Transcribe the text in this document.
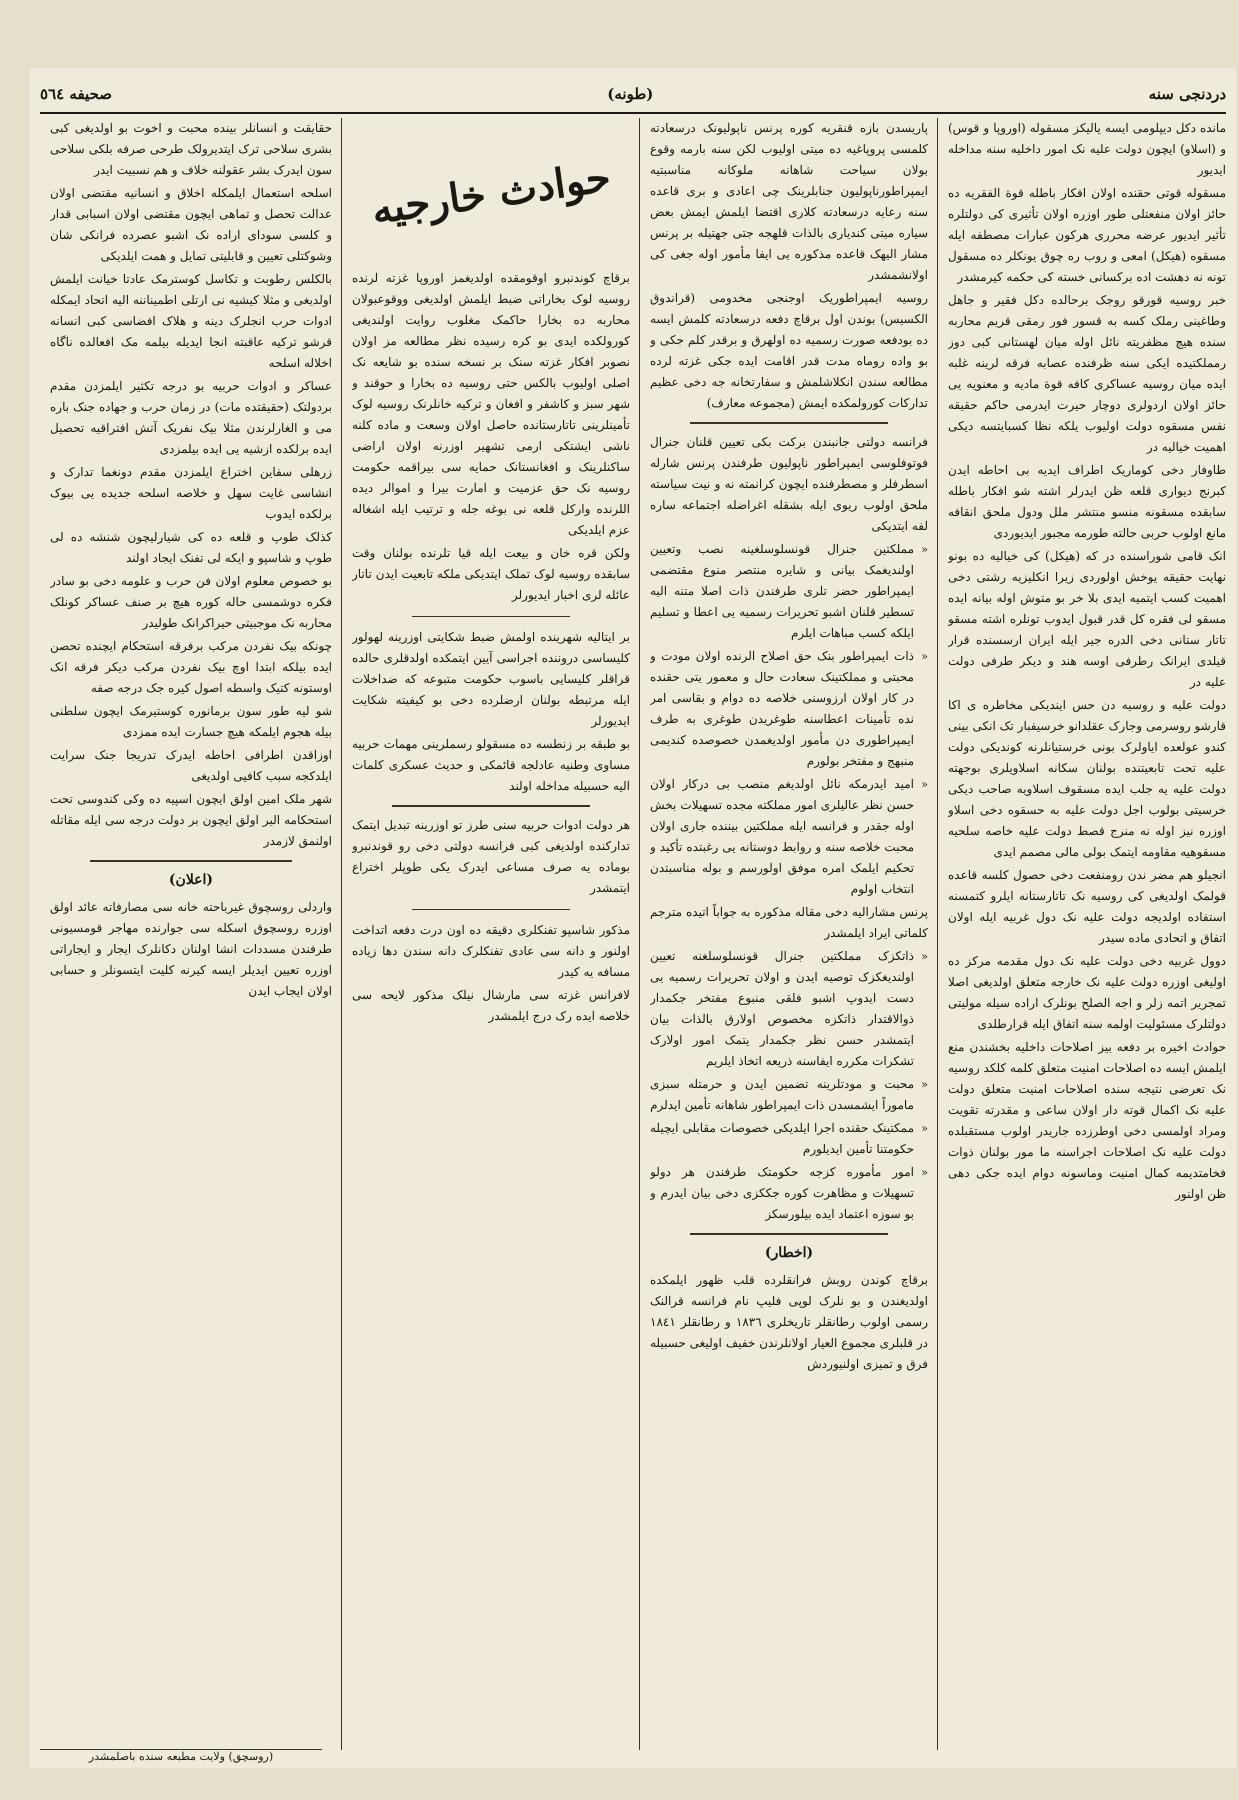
دردنجی سنه
(طونه)
صحیفه ٥٦٤

مانده دکل دیپلومی ایسه یالیکز مسقوله (اوروپا و قوس) و (اسلاو) ایچون دولت علیه نک امور داخلیه سنه مداخله ایدیور

مسقوله قوتی حقنده اولان افکار باطله قوة الفقریه ده حائز اولان منفعتلی طور اوزره اولان تأثیری کی دولتلره تأثیر ایدیور عرضه محرری هرکون عبارات مصطفه ایله مسقوه (هیکل) امعی و روب ره چوق یونکلر ده مسقول تونه نه دهشت اده برکسانی خسته کی حکمه کیرمشدر

خبر روسیه قورقو روجک برحالده دکل فقیر و جاهل وطاغینی رملک کسه به قسور فور رمقی قریم محاربه سنده هیچ مظفریته نائل اوله میان لهستانی کبی دوز رمملکتیده ایکی سنه ظرفنده عصابه فرقه لرینه غلبه ایده میان روسیه عساکری کافه قوة مادیه و معنویه یی حائز اولان اردولری دوچار حیرت ایدرمی حاکم حقیقه نفس مسقوه دولت اولیوب یلکه نظا کسبایتسه دیکی اهمیت خیالیه در

طاوفار دخی کوماریک اطراف ایدیه بی احاطه ایدن کبرنج دیواری قلعه ظن ایدرلر اشته شو افکار باطله سابقده مسقونه منسو منتشر ملل ودول ملحق انقافه مانع اولوب حربی حالته طورمه مجبور ایدیوردی

انک قامی شوراسنده در که (هیکل) کی خیالیه ده بونو نهایت حقیقه یوخش اولوردی زیرا انکلیزیه رشتی دخی اهمیت کسب ایتمیه ایدی بلا خر بو متوش اوله بیانه ایده مسقو لی فقره کل قدر قبول ایدوب تونلره اشته مسقو تاتار ستانی دخی الدره جیر ایله ایران ارسسنده قرار قیلدی ایرانک رطرفی اوسه هند و دیکر طرفی دولت علیه در

دولت علیه و روسیه دن حس ایندیکی مخاطره ی اکا قارشو روسرمی وجارک عقلدانو خرسیفبار تک انکی بینی کندو عولعده ایاولرک بونی خرستیانلرنه کوندیکی دولت علیه تحت تابعیتنده بولنان سکانه اسلاویلری بوجهته دولت علیه یه جلب ایده مسقوف اسلاویه صاحب دیکی خرسیتی بولوب اجل دولت علیه به حسقوه دخی اسلاو اوزره نیز اوله نه منرج قصط دولت علیه خاصه سلحیه مسقوهیه مقاومه ایتمک بولی مالی مصمم ایدی

انجیلو هم مضر ندن رومنفعت دخی حصول کلسه قاعده قولمک اولدیغی کی روسیه نک تاتارستانه ایلرو کتمسنه استفاده اولدیجه دولت علیه نک دول غربیه ایله اولان اتفاق و اتحادی ماده سیدر

دوول غربیه دخی دولت علیه نک دول مقدمه مرکز ده اولیغی اوزره دولت علیه نک خارجه متعلق اولدیغی اصلا تمجریر اتمه زلر و اجه الصلح بونلرک اراده سیله مولیتی دولتلرک مسئولیت اولمه سنه اتفاق ایله قرارطلدی

حوادث اخیره بر دفعه بیز اصلاحات داخلیه بخشندن منع ایلمش ایسه ده اصلاحات امنیت متعلق کلمه کلکد روسیه نک تعرضی نتیجه سنده اصلاحات امنیت متعلق دولت علیه نک اکمال قوته دار اولان ساعی و مقدرته تقویت ومراد اولمسی دخی اوطرزده جاریدر اولوب مستقبلده دولت علیه نک اصلاحات اجراسنه ما مور بولنان ذوات فخامتدیمه کمال امنیت وماسونه دوام ایده جکی دهی ظن اولنور

پاریسدن بازه قنقریه کوره پرنس ناپولیونک درسعادته کلمسی پروپاغیه ده میتی اولیوب لکن سنه بارمه وقوع بولان سیاحت شاهانه ملوکانه مناسبتیه ایمپراطورناپولیون جنابلرینک چی اعادی و بری قاعده سنه رعایه درسعادته کلاری اقتضا ایلمش ایمش بعض سیاره میتی کندیاری بالذات قلهجه جتی جهتیله بر پرنس مشار الیهک قاعده مذکوره یی ایفا مأمور اوله جغی کی اولانشمشدر

روسیه ایمپراطوریک اوجنجی مخدومی (قراندوق الکسیس) بوندن اول برقاچ دفعه درسعادته کلمش ایسه ده بودفعه صورت رسمیه ده اولهرق و برقدر کلم جکی و بو واده روماه مدت قدر اقامت ایده جکی غزته لرده مطالعه سندن انکلاشلمش و سفارتخانه جه دخی عظیم تدارکات کورولمکده ایمش (مجموعه معارف)

فرانسه دولتی جانبندن برکت بکی تعیین قلنان جنرال فوتوفلوسی ایمپراطور ناپولیون طرفندن پرنس شارله اسطرفلر و مصطرفنده ایچون کرانمته نه و نیت سیاسته ملحق اولوب ریوی ایله بشقله اغراضله اجتماعه ساره لفه ایتدیکی

«
مملکتین جنرال قونسلوسلغینه نصب وتعیین اولندیغمک بیانی و شایره منتصر منوع مقتضمی ایمپراطور حضر تلری طرفندن ذات اصلا متنه الیه تسطیر قلنان اشبو تحریرات رسمیه یی اعطا و تسلیم ایلکه کسب مباهات ایلرم

«
ذات ایمپراطور بنک حق اصلاح الرنده اولان مودت و محبتی و مملکتینک سعادت حال و معمور یتی حقنده در کار اولان ارزوسنی خلاصه ده دوام و بقاسی امر نده تأمینات اعطاسنه طوغریدن طوغری به طرف ایمپراطوری دن مأمور اولدیغمدن خصوصده کندیمی منبهج و مفتخر بولورم

«
امید ایدرمکه نائل اولدیغم منصب بی درکار اولان حسن نظر عالیلری امور مملکته مجده تسهیلات بخش اوله جقدر و فرانسه ایله مملکتین بیننده جاری اولان محبت خلاصه سنه و روابط دوستانه یی رغبتده تأکید و تحکیم ایلمک امره موفق اولورسم و بوله مناسبتدن انتخاب اولوم

پرنس مشارالیه دخی مقاله مذکوره به جواباً اتیده مترجم کلماتی ایراد ایلمشدر

«
ذاتکزک مملکتین جنرال قونسلوسلغنه تعیین اولندیغکزک توصیه ایدن و اولان تحریرات رسمیه یی دست ایدوپ اشبو فلقی منبوع مفتخر جکمدار ذوالاقتدار ذاتکزه مخصوص اولارق بالذات بیان ایتمشدر حسن نظر جکمدار یتمک امور اولارک تشکرات مکرره ایفاسنه ذریعه اتخاذ ایلریم

«
محبت و مودتلرینه تضمین ایدن و حرمتله سبزی ماموراً ایشمسدن ذات ایمپراطور شاهانه تأمین ایدلرم

«
ممکتینک حقنده اجرا ایلدیکی خصوصات مقابلی ایچیله حکومتنا تأمین ایدیلورم

«
امور مأموره کزجه حکومتک طرفندن هر دولو تسهیلات و مظاهرت کوره جککزی دخی بیان ایدرم و بو سوزه اعتماد ایده بیلورسکز

(اخطار)

برقاچ کوندن روبش فرانقلرده قلب ظهور ایلمکده اولدیغندن و بو نلرک لوپی فلیپ نام فرانسه قرالنک رسمی اولوب رطانقلر تاریخلری ۱۸۳٦ و رطانقلر ۱۸٤۱ در قلبلری مجموع العیار اولانلرندن خفیف اولیغی حسبیله فرق و تمیزی اولنیوردش

حوادث خارجیه

برقاچ کوندنبرو اوقومقده اولدیغمز اوروپا غزته لرنده روسیه لوک بخاراتی ضبط ایلمش اولدیغی ووقوعبولان محاربه ده بخارا حاکمک مغلوب روایت اولندیغی کورولکده ایدی بو کره رسیده نظر مطالعه مز اولان نصوبر افکار غزته سنک بر نسخه سنده بو شایعه نک اصلی اولیوب بالکس حتی روسیه ده بخارا و حوقند و شهر سبز و کاشفر و افغان و ترکیه خانلرنک روسیه لوک تأمینلرینی تاتارستانده حاصل اولان وسعت و ماده کلنه ناشی ایشتکی ارمی تشهیر اوزرنه اولان اراضی ساکنلرینک و افغانستانک حمایه سی بیراقمه حکومت روسیه نک حق عزمیت و امارت بیرا و اموالر دیده اللرنده وارکل قلعه نی بوغه جله و ترتیب ایله اشغاله عزم ایلدیکی

ولکن قره خان و بیعت ایله قیا تلرنده بولنان وقت سابقده روسیه لوک تملک ایتدیکی ملکه تابعیت ایدن تاتار عائله لری اخبار ایدیورلر

بر ایتالیه شهرینده اولمش ضبط شکایتی اوزرینه لهولور کلیساسی دروننده اجراسی آیین ایتمکده اولدقلری حالده قراقلر کلیسایی باسوب حکومت متبوعه که ضداخلات ایله مرتبطه بولنان ارضلرده دخی بو کیفیته شکایت ایدیورلر

بو طبقه بر زنطسه ده مسقولو رسملرینی مهمات حربیه مساوی وطنیه عادلجه قائمکی و حدیث عسکری کلمات الیه حسبیله مداخله اولند

هر دولت ادوات حربیه سنی طرز تو اوزرینه تبدیل ایتمک تدارکنده اولدیغی کبی فرانسه دولتی دخی رو قوندنبرو بوماده یه صرف مساعی ایدرک یکی طوپلر اختراع ایتمشدر

مذکور شاسپو تفنکلری دقیقه ده اون درت دفعه اتداخت اولنور و دانه سی عادی تفنکلرک دانه سندن دها زیاده مسافه یه کیدر

لافرانس غزته سی مارشال نیلک مذکور لایحه سی خلاصه ایده رک درج ایلمشدر

حقایقت و انسانلر بینده محبت و اخوت بو اولدیغی کبی بشری سلاحی ترک ایتدیرولک طرحی صرفه بلکی سلاحی سون ایدرک بشر عقولنه خلاف و هم نسبیت ایدر

اسلحه استعمال ایلمکله اخلاق و انسانیه مقتضی اولان عدالت تحصل و تماهی ایچون مقتضی اولان اسبابی قدار و کلسی سودای اراده نک اشبو عصرده فرانکی شان وشوکتلی تعیین و قابلیتی تمایل و همت ایلدیکی

بالکلس رطوبت و تکاسل کوسترمک عادتا خیانت ایلمش اولدیغی و مثلا کیشیه نی ارتلی اطمیناننه الیه اتحاد ایمکله ادوات حرب انجلرک دینه و هلاک افضاسی کبی انسانه قرشو ترکیه عاقبته انجا ایدیله بیلمه مک افعالده ناگاه اخلاله اسلحه

عساکر و ادوات حربیه بو درجه تکثیر ایلمزدن مقدم بردولتک (حقیقتده مات) در زمان حرب و جهاده جنک باره می و الغارلرندن مثلا بیک نفریک آتش افتراقیه تحصیل ایده برلکده ازشیه یی ایده بیلمزدی

زرهلی سفاین اختراع ایلمزدن مقدم دونغما تدارک و انشاسی غایت سهل و خلاصه اسلحه جدیده یی بیوک برلکده ایدوب

کذلک طوپ و قلعه ده کی شیارلیچون شنشه ده لی طوپ و شاسپو و ایکه لی تفنک ایجاد اولند

بو خصوص معلوم اولان فن حرب و علومه دخی بو سادر فکره دوشمسی حاله کوره هیچ بر صنف عساکر کونلک محاربه نک موجبیتی حیراکرانک طولیدر

چونکه بیک نفردن مرکب برفرقه استحکام ایچنده تحصن ایده بیلکه ابتدا اوچ بیک نفردن مرکب دیکر فرقه انک اوستونه کتیک واسطه اصول کیره جک درجه صفه

شو لیه طور سون برمانوره کوستیرمک ایچون سلطنی بیله هجوم ایلمکه هیچ جسارت ایده ممزدی

اوزاقدن اطرافی احاطه ایدرک تدریجا جنک سرایت ایلدکجه سبب کافیی اولدیغی

شهر ملک امین اولق ایچون اسپیه ده وکی کندوسی تحت استحکامه الیر اولق ایچون بر دولت درجه سی ایله مقاتله اولنمق لازمدر

(اعلان)

واردلی روسچوق غیرباحته خانه سی مصارفاته عائد اولق اوزره روسچوق اسکله سی جوارنده مهاجر قومسیونی طرفندن مسددات انشا اولنان دکانلرک ایجار و ایجاراتی اوزره تعیین ایدیلر ایسه کیرنه کلیت ایتسونلر و حسابی اولان ایجاب ایدن

(روسچق) ولایت مطبعه سنده باصلمشدر
